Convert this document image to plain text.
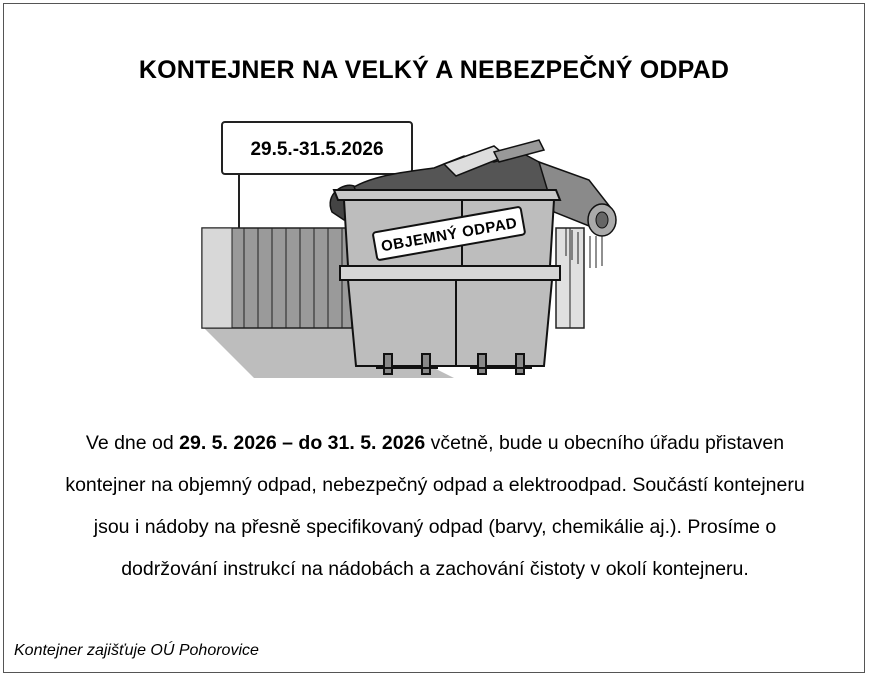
KONTEJNER NA VELKÝ A NEBEZPEČNÝ ODPAD
29.5.-31.5.2026
OBJEMNÝ ODPAD
Ve dne od 29. 5. 2026 – do 31. 5. 2026 včetně, bude u obecního úřadu přistaven
kontejner na objemný odpad, nebezpečný odpad a elektroodpad. Součástí kontejneru
jsou i nádoby na přesně specifikovaný odpad (barvy, chemikálie aj.). Prosíme o
dodržování instrukcí na nádobách a zachování čistoty v okolí kontejneru.
Kontejner zajišťuje OÚ Pohorovice
